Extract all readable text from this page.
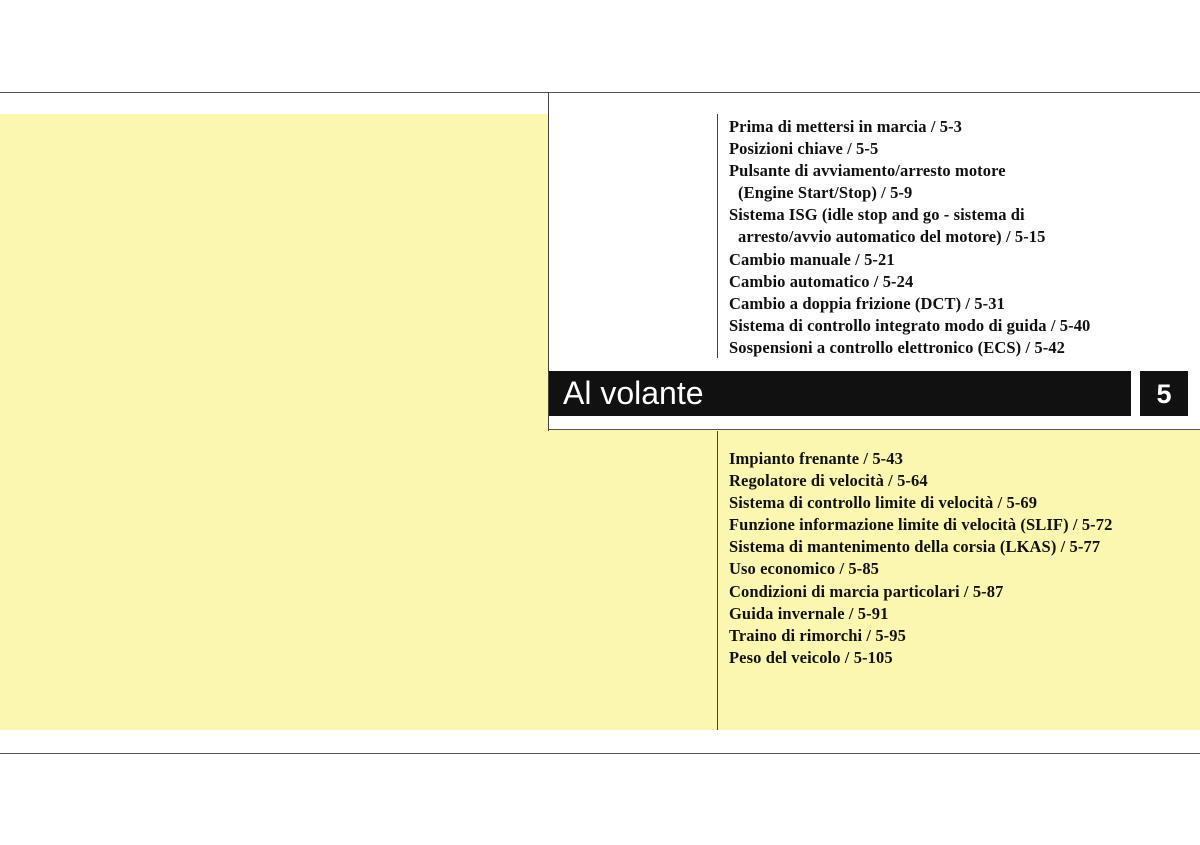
Prima di mettersi in marcia / 5-3
Posizioni chiave / 5-5
Pulsante di avviamento/arresto motore
(Engine Start/Stop) / 5-9
Sistema ISG (idle stop and go - sistema di
arresto/avvio automatico del motore) / 5-15
Cambio manuale / 5-21
Cambio automatico / 5-24
Cambio a doppia frizione (DCT) / 5-31
Sistema di controllo integrato modo di guida / 5-40
Sospensioni a controllo elettronico (ECS) / 5-42
Al volante	5
Impianto frenante / 5-43
Regolatore di velocità / 5-64
Sistema di controllo limite di velocità / 5-69
Funzione informazione limite di velocità (SLIF) / 5-72
Sistema di mantenimento della corsia (LKAS) / 5-77
Uso economico / 5-85
Condizioni di marcia particolari / 5-87
Guida invernale / 5-91
Traino di rimorchi / 5-95
Peso del veicolo / 5-105
